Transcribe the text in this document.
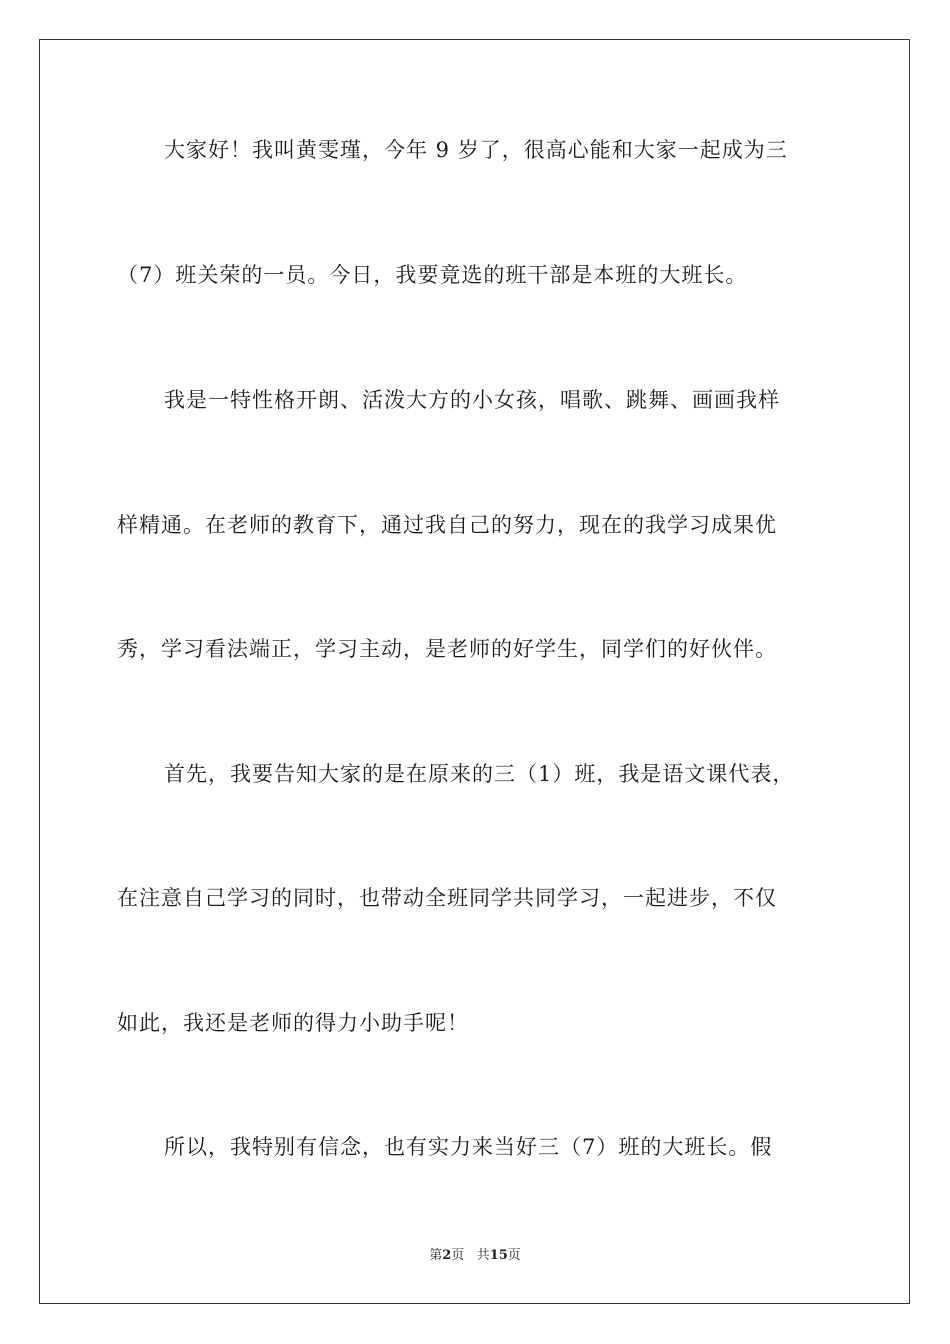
大家好！我叫黄雯瑾，今年 9 岁了，很高心能和大家一起成为三
（7）班关荣的一员。今日，我要竟选的班干部是本班的大班长。
我是一特性格开朗、活泼大方的小女孩，唱歌、跳舞、画画我样
样精通。在老师的教育下，通过我自己的努力，现在的我学习成果优
秀，学习看法端正，学习主动，是老师的好学生，同学们的好伙伴。
首先，我要告知大家的是在原来的三（1）班，我是语文课代表，
在注意自己学习的同时，也带动全班同学共同学习，一起进步，不仅
如此，我还是老师的得力小助手呢！
所以，我特别有信念，也有实力来当好三（7）班的大班长。假
第2页 共15页
